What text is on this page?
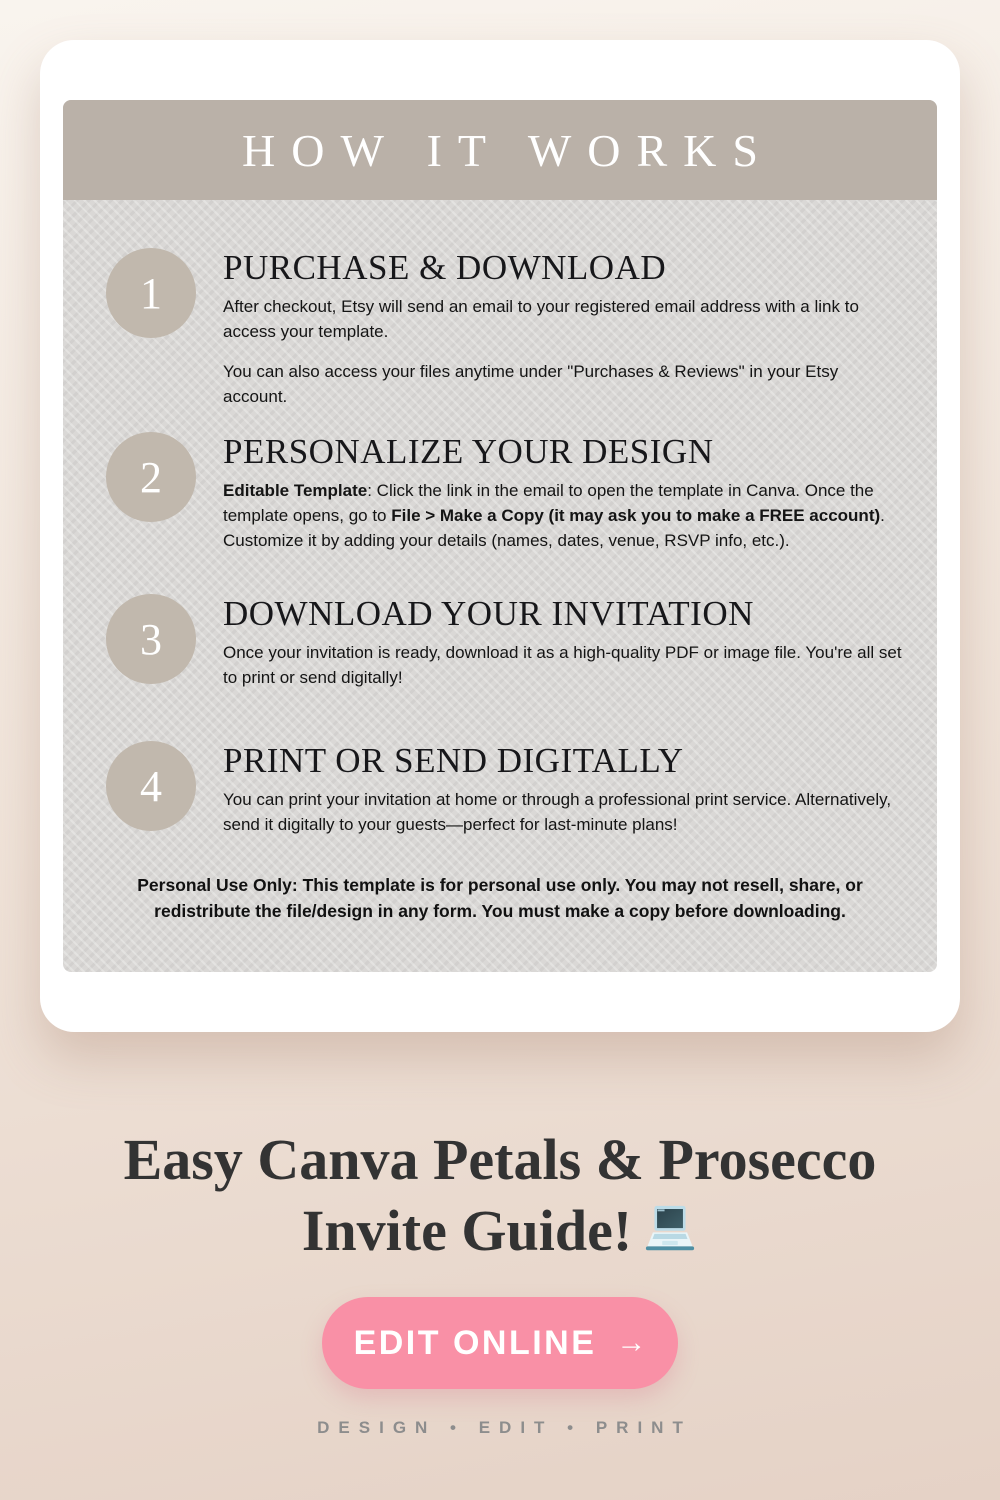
HOW IT WORKS
1
PURCHASE & DOWNLOAD

After checkout, Etsy will send an email to your registered email address with a link to access your template.

You can also access your files anytime under "Purchases & Reviews" in your Etsy account.

2
PERSONALIZE YOUR DESIGN

Editable Template: Click the link in the email to open the template in Canva. Once the template opens, go to File > Make a Copy (it may ask you to make a FREE account). Customize it by adding your details (names, dates, venue, RSVP info, etc.).

3
DOWNLOAD YOUR INVITATION

Once your invitation is ready, download it as a high-quality PDF or image file. You're all set to print or send digitally!

4
PRINT OR SEND DIGITALLY

You can print your invitation at home or through a professional print service. Alternatively, send it digitally to your guests—perfect for last-minute plans!

Personal Use Only: This template is for personal use only. You may not resell, share, or redistribute the file/design in any form. You must make a copy before downloading.
Easy Canva Petals & Prosecco
Invite Guide!
EDIT ONLINE →
DESIGN • EDIT • PRINT
